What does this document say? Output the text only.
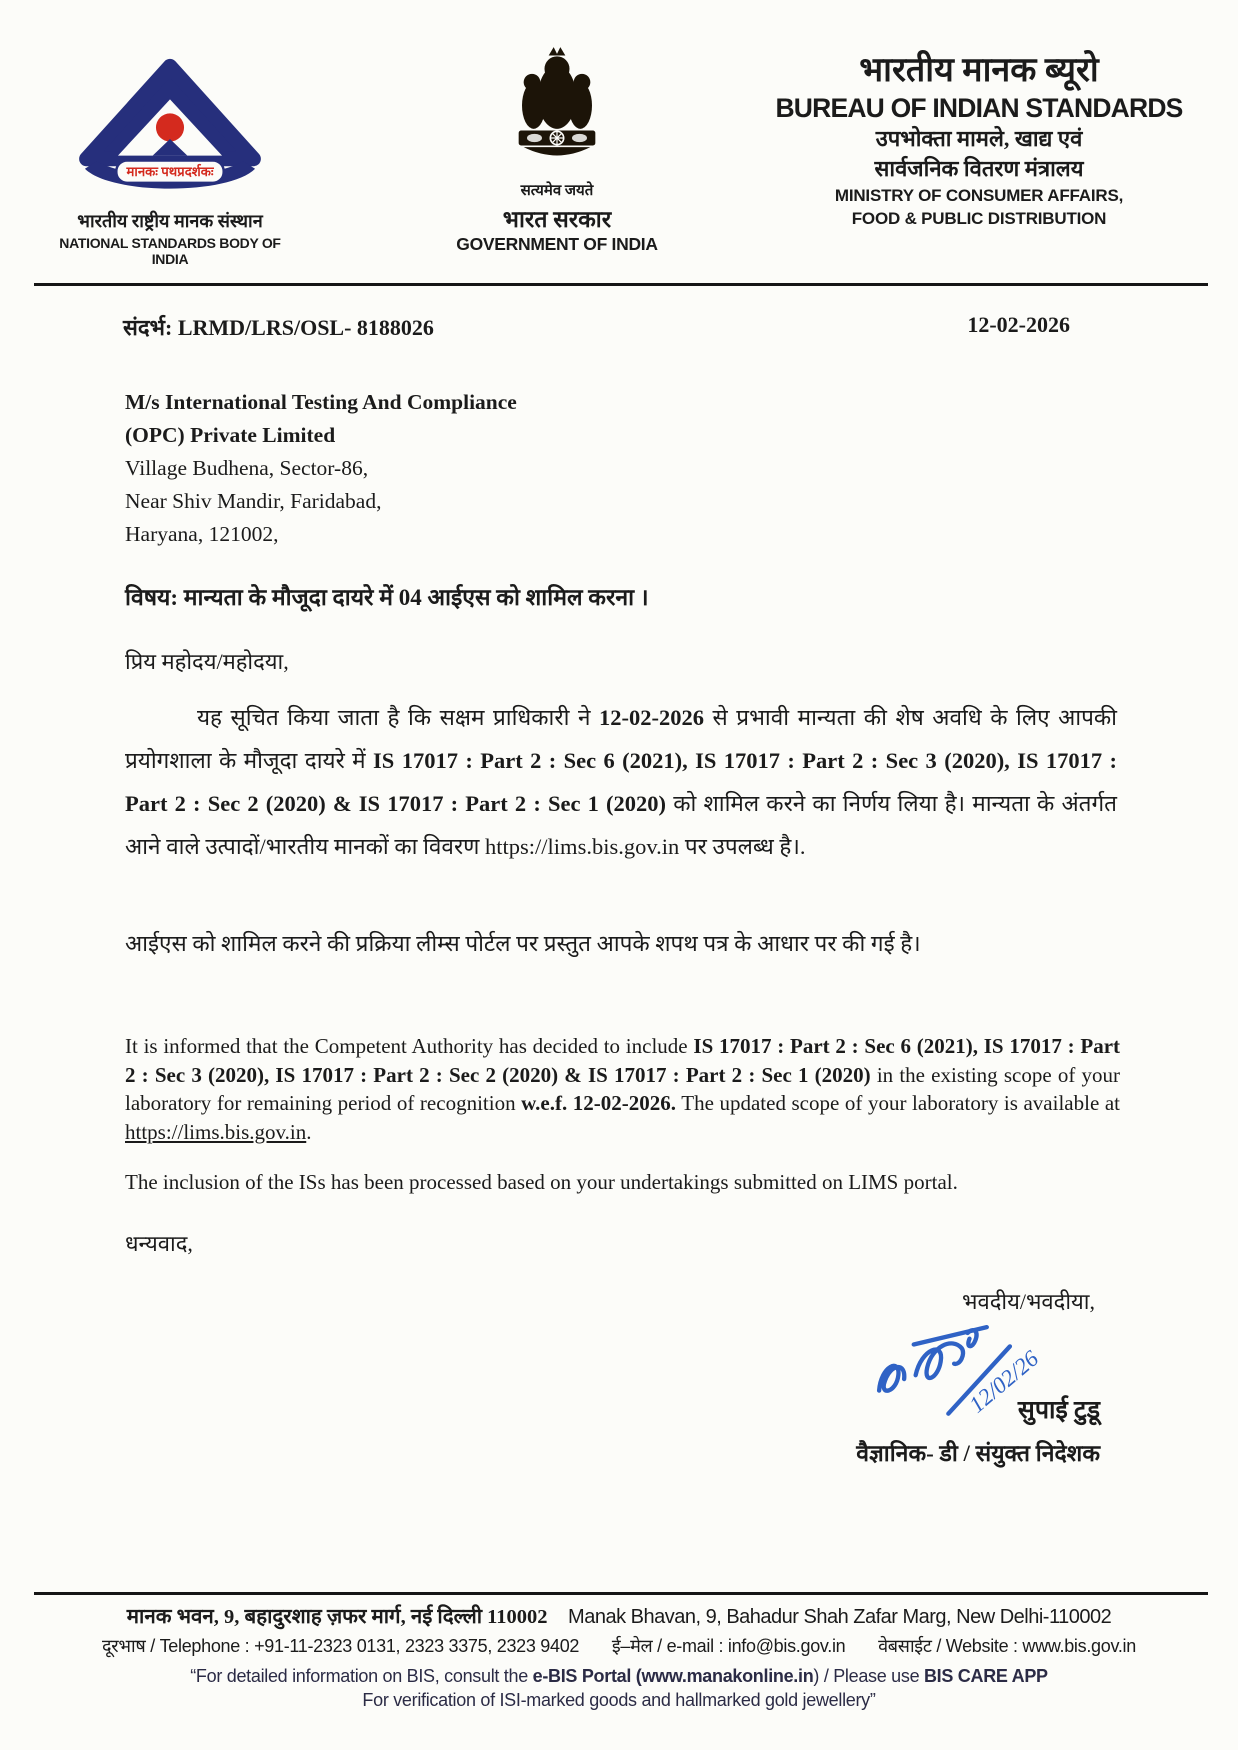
मानकः पथप्रदर्शकः
भारतीय राष्ट्रीय मानक संस्थान
NATIONAL STANDARDS BODY OF INDIA
सत्यमेव जयते
भारत सरकार
GOVERNMENT OF INDIA
भारतीय मानक ब्यूरो
BUREAU OF INDIAN STANDARDS
उपभोक्ता मामले, खाद्य एवं
सार्वजनिक वितरण मंत्रालय
MINISTRY OF CONSUMER AFFAIRS,
FOOD & PUBLIC DISTRIBUTION
संदर्भ: LRMD/LRS/OSL- 8188026	12-02-2026
M/s International Testing And Compliance
(OPC) Private Limited
Village Budhena, Sector-86,
Near Shiv Mandir, Faridabad,
Haryana, 121002,
विषय: मान्यता के मौजूदा दायरे में 04 आईएस को शामिल करना ।
प्रिय महोदय/महोदया,
यह सूचित किया जाता है कि सक्षम प्राधिकारी ने 12-02-2026 से प्रभावी मान्यता की शेष अवधि के लिए आपकी प्रयोगशाला के मौजूदा दायरे में IS 17017 : Part 2 : Sec 6 (2021), IS 17017 : Part 2 : Sec 3 (2020), IS 17017 : Part 2 : Sec 2 (2020) & IS 17017 : Part 2 : Sec 1 (2020) को शामिल करने का निर्णय लिया है। मान्यता के अंतर्गत आने वाले उत्पादों/भारतीय मानकों का विवरण https://lims.bis.gov.in पर उपलब्ध है।.
आईएस को शामिल करने की प्रक्रिया लीम्स पोर्टल पर प्रस्तुत आपके शपथ पत्र के आधार पर की गई है।
It is informed that the Competent Authority has decided to include IS 17017 : Part 2 : Sec 6 (2021), IS 17017 : Part 2 : Sec 3 (2020), IS 17017 : Part 2 : Sec 2 (2020) & IS 17017 : Part 2 : Sec 1 (2020) in the existing scope of your laboratory for remaining period of recognition w.e.f. 12-02-2026. The updated scope of your laboratory is available at https://lims.bis.gov.in.
The inclusion of the ISs has been processed based on your undertakings submitted on LIMS portal.
धन्यवाद,
भवदीय/भवदीया,
12/02/26
सुपाई टुडू
वैज्ञानिक- डी / संयुक्त निदेशक
मानक भवन, 9, बहादुरशाह ज़फर मार्ग, नई दिल्ली 110002 Manak Bhavan, 9, Bahadur Shah Zafar Marg, New Delhi-110002
दूरभाष / Telephone : +91-11-2323 0131, 2323 3375, 2323 9402 ई–मेल / e-mail : info@bis.gov.in वेबसाईट / Website : www.bis.gov.in
“For detailed information on BIS, consult the e-BIS Portal (www.manakonline.in) / Please use BIS CARE APP
For verification of ISI-marked goods and hallmarked gold jewellery”
